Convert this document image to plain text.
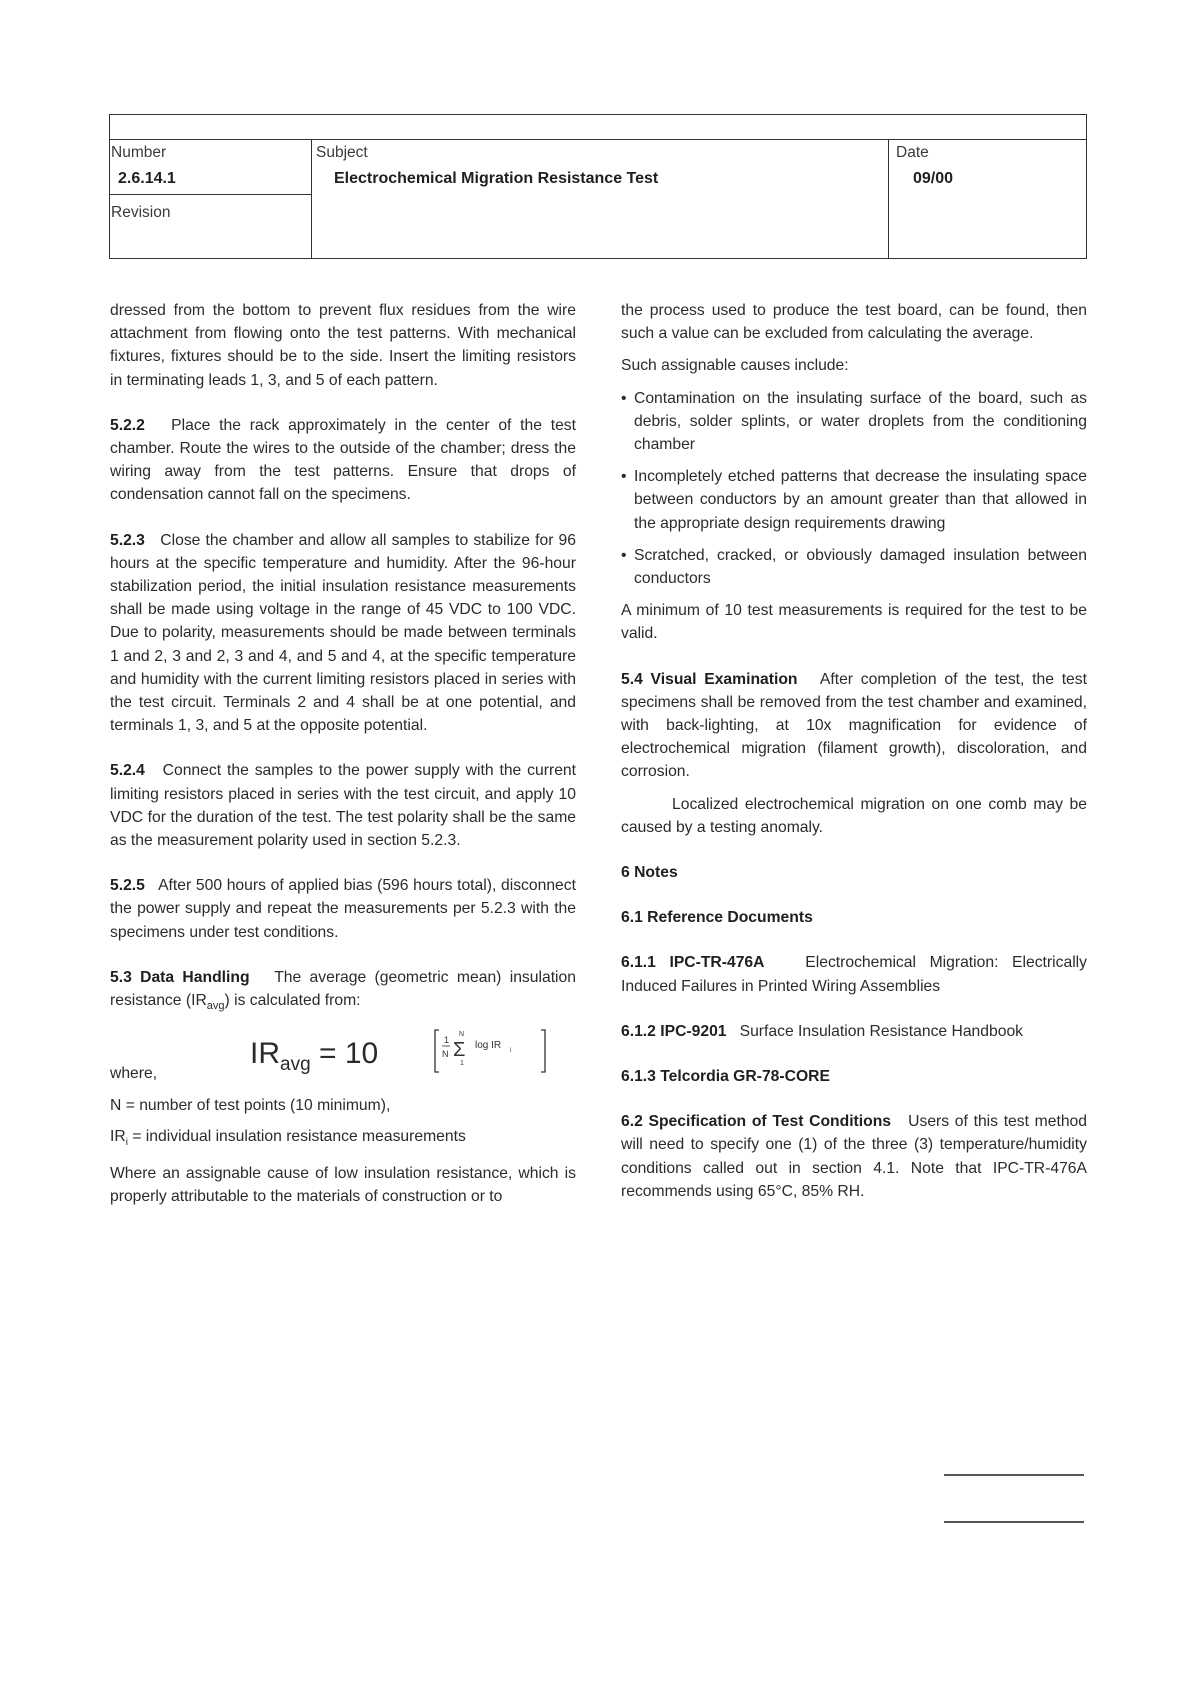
Number
2.6.14.1
Revision
Subject
Electrochemical Migration Resistance Test
Date
09/00

dressed from the bottom to prevent flux residues from the wire attachment from flowing onto the test patterns. With mechanical fixtures, fixtures should be to the side. Insert the limiting resistors in terminating leads 1, 3, and 5 of each pattern.

5.2.2 Place the rack approximately in the center of the test chamber. Route the wires to the outside of the chamber; dress the wiring away from the test patterns. Ensure that drops of condensation cannot fall on the specimens.

5.2.3 Close the chamber and allow all samples to stabilize for 96 hours at the specific temperature and humidity. After the 96-hour stabilization period, the initial insulation resistance measurements shall be made using voltage in the range of 45 VDC to 100 VDC. Due to polarity, measurements should be made between terminals 1 and 2, 3 and 2, 3 and 4, and 5 and 4, at the specific temperature and humidity with the current limiting resistors placed in series with the test circuit. Terminals 2 and 4 shall be at one potential, and terminals 1, 3, and 5 at the opposite potential.

5.2.4 Connect the samples to the power supply with the current limiting resistors placed in series with the test circuit, and apply 10 VDC for the duration of the test. The test polarity shall be the same as the measurement polarity used in section 5.2.3.

5.2.5 After 500 hours of applied bias (596 hours total), disconnect the power supply and repeat the measurements per 5.2.3 with the specimens under test conditions.

5.3 Data Handling The average (geometric mean) insulation resistance $(IR_{avg})$ is calculated from:

$IR_{avg} = 10$	1
N
N
Σ
1
log IR i

where,

N = number of test points (10 minimum),

$IR_i$ = individual insulation resistance measurements

Where an assignable cause of low insulation resistance, which is properly attributable to the materials of construction or to

the process used to produce the test board, can be found, then such a value can be excluded from calculating the average.

Such assignable causes include:

• Contamination on the insulating surface of the board, such as debris, solder splints, or water droplets from the conditioning chamber

• Incompletely etched patterns that decrease the insulating space between conductors by an amount greater than that allowed in the appropriate design requirements drawing

• Scratched, cracked, or obviously damaged insulation between conductors

A minimum of 10 test measurements is required for the test to be valid.

5.4 Visual Examination After completion of the test, the test specimens shall be removed from the test chamber and examined, with back-lighting, at 10x magnification for evidence of electrochemical migration (filament growth), discoloration, and corrosion.

Localized electrochemical migration on one comb may be caused by a testing anomaly.

6 Notes

6.1 Reference Documents

6.1.1 IPC-TR-476A	Electrochemical Migration: Electrically Induced Failures in Printed Wiring Assemblies

6.1.2 IPC-9201 Surface Insulation Resistance Handbook

6.1.3 Telcordia GR-78-CORE

6.2 Specification of Test Conditions Users of this test method will need to specify one (1) of the three (3) temperature/humidity conditions called out in section 4.1. Note that IPC-TR-476A recommends using 65°C, 85% RH.
